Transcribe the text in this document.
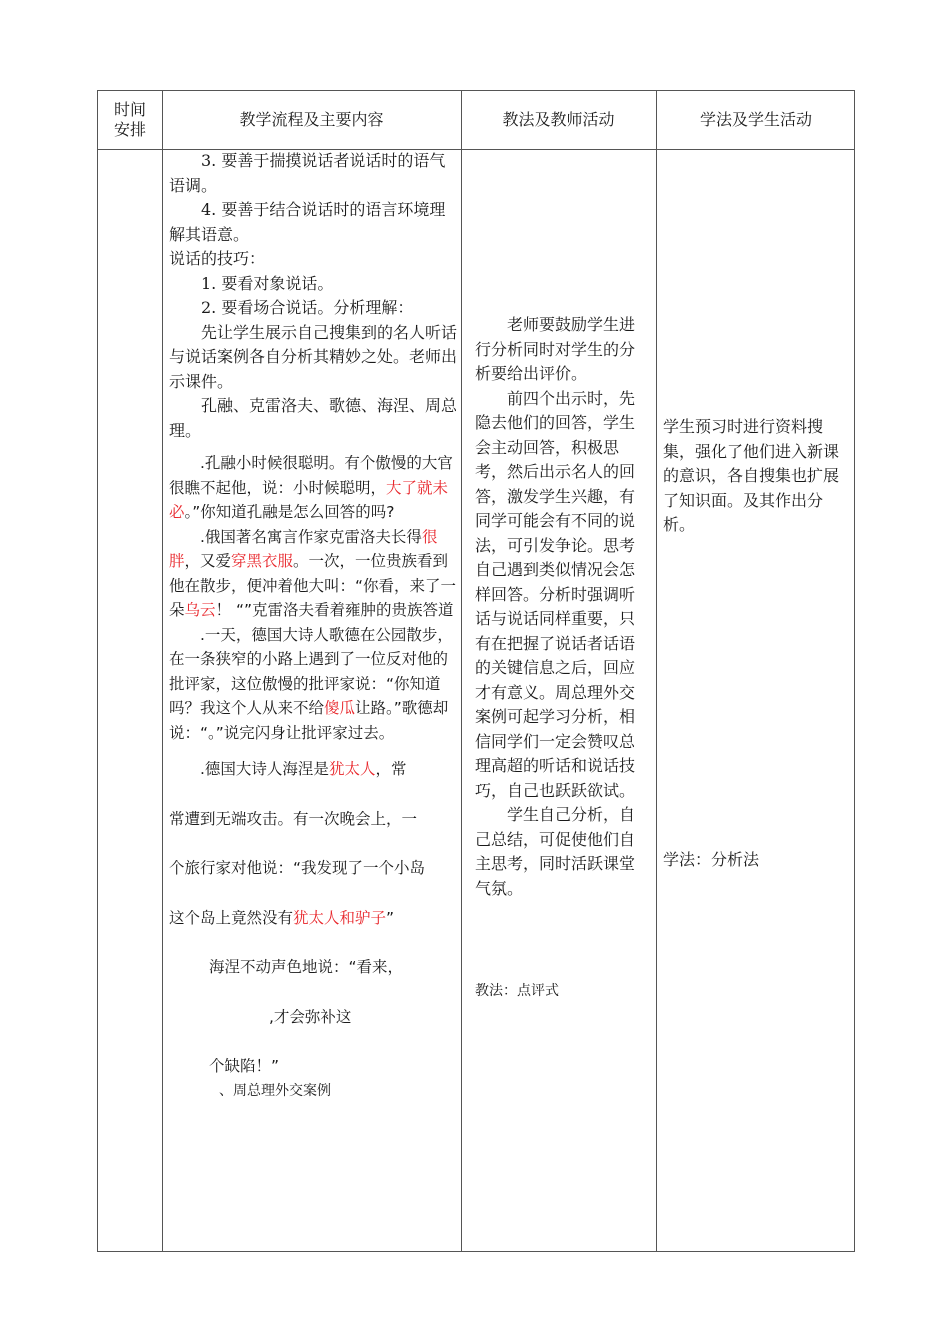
时间安排
教学流程及主要内容	教法及教师活动	学法及学生活动

3. 要善于揣摸说话者说话时的语气语调。

4. 要善于结合说话时的语言环境理解其语意。

说话的技巧：

1. 要看对象说话。

2. 要看场合说话。分析理解：

先让学生展示自己搜集到的名人听话与说话案例各自分析其精妙之处。老师出示课件。

孔融、克雷洛夫、歌德、海涅、周总理。

.孔融小时候很聪明。有个傲慢的大官很瞧不起他，说：小时候聪明，大了就未必。”你知道孔融是怎么回答的吗?

.俄国著名寓言作家克雷洛夫长得很胖，又爱穿黑衣服。一次，一位贵族看到他在散步，便冲着他大叫：“你看，来了一朵乌云！ “”克雷洛夫看着雍肿的贵族答道

.一天，德国大诗人歌德在公园散步，在一条狭窄的小路上遇到了一位反对他的批评家，这位傲慢的批评家说：“你知道吗？我这个人从来不给傻瓜让路。”歌德却说：“。”说完闪身让批评家过去。

.德国大诗人海涅是犹太人，常

常遭到无端攻击。有一次晚会上，一

个旅行家对他说：“我发现了一个小岛

这个岛上竟然没有犹太人和驴子”

海涅不动声色地说：“看来，

,才会弥补这

个缺陷！”

、周总理外交案例

老师要鼓励学生进行分析同时对学生的分析要给出评价。

前四个出示时，先隐去他们的回答，学生会主动回答，积极思考，然后出示名人的回答，激发学生兴趣，有同学可能会有不同的说法，可引发争论。思考自己遇到类似情况会怎样回答。分析时强调听话与说话同样重要，只有在把握了说话者话语的关键信息之后，回应才有意义。周总理外交案例可起学习分析，相信同学们一定会赞叹总理高超的听话和说话技巧，自己也跃跃欲试。

学生自己分析，自己总结，可促使他们自主思考，同时活跃课堂气氛。

教法：点评式

学生预习时进行资料搜集，强化了他们进入新课的意识，各自搜集也扩展了知识面。及其作出分析。

学法：分析法
